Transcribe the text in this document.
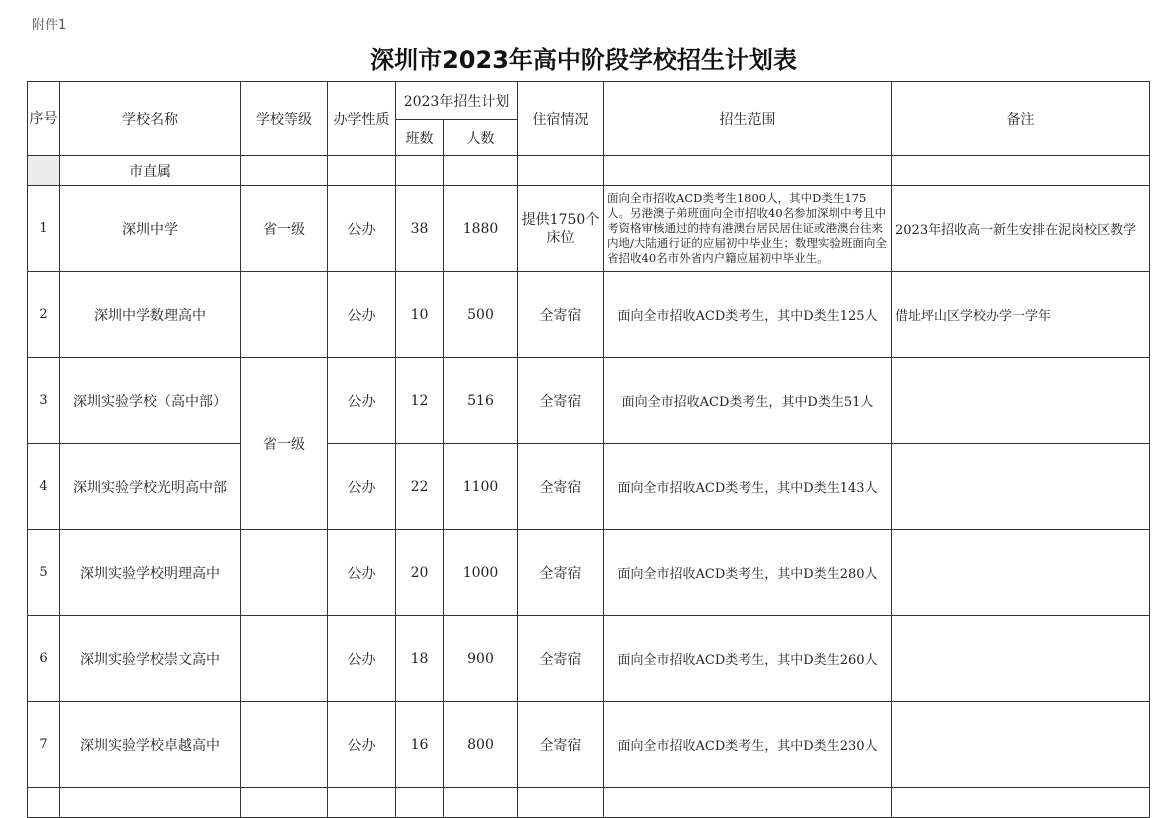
附件1
深圳市2023年高中阶段学校招生计划表
序号	学校名称	学校等级	办学性质	2023年招生计划		住宿情况	招生范围	备注
				班数	人数			
	市直属							
1	深圳中学	省一级	公办	38	1880	提供1750个床位	面向全市招收ACD类考生1800人，其中D类生175人。另港澳子弟班面向全市招收40名参加深圳中考且中考资格审核通过的持有港澳台居民居住证或港澳台往来内地/大陆通行证的应届初中毕业生；数理实验班面向全省招收40名市外省内户籍应届初中毕业生。	2023年招收高一新生安排在泥岗校区教学
2	深圳中学数理高中		公办	10	500	全寄宿	面向全市招收ACD类考生，其中D类生125人	借址坪山区学校办学一学年
3	深圳实验学校（高中部）	省一级	公办	12	516	全寄宿	面向全市招收ACD类考生，其中D类生51人	
4	深圳实验学校光明高中部		公办	22	1100	全寄宿	面向全市招收ACD类考生，其中D类生143人	
5	深圳实验学校明理高中		公办	20	1000	全寄宿	面向全市招收ACD类考生，其中D类生280人	
6	深圳实验学校崇文高中		公办	18	900	全寄宿	面向全市招收ACD类考生，其中D类生260人	
7	深圳实验学校卓越高中		公办	16	800	全寄宿	面向全市招收ACD类考生，其中D类生230人	
